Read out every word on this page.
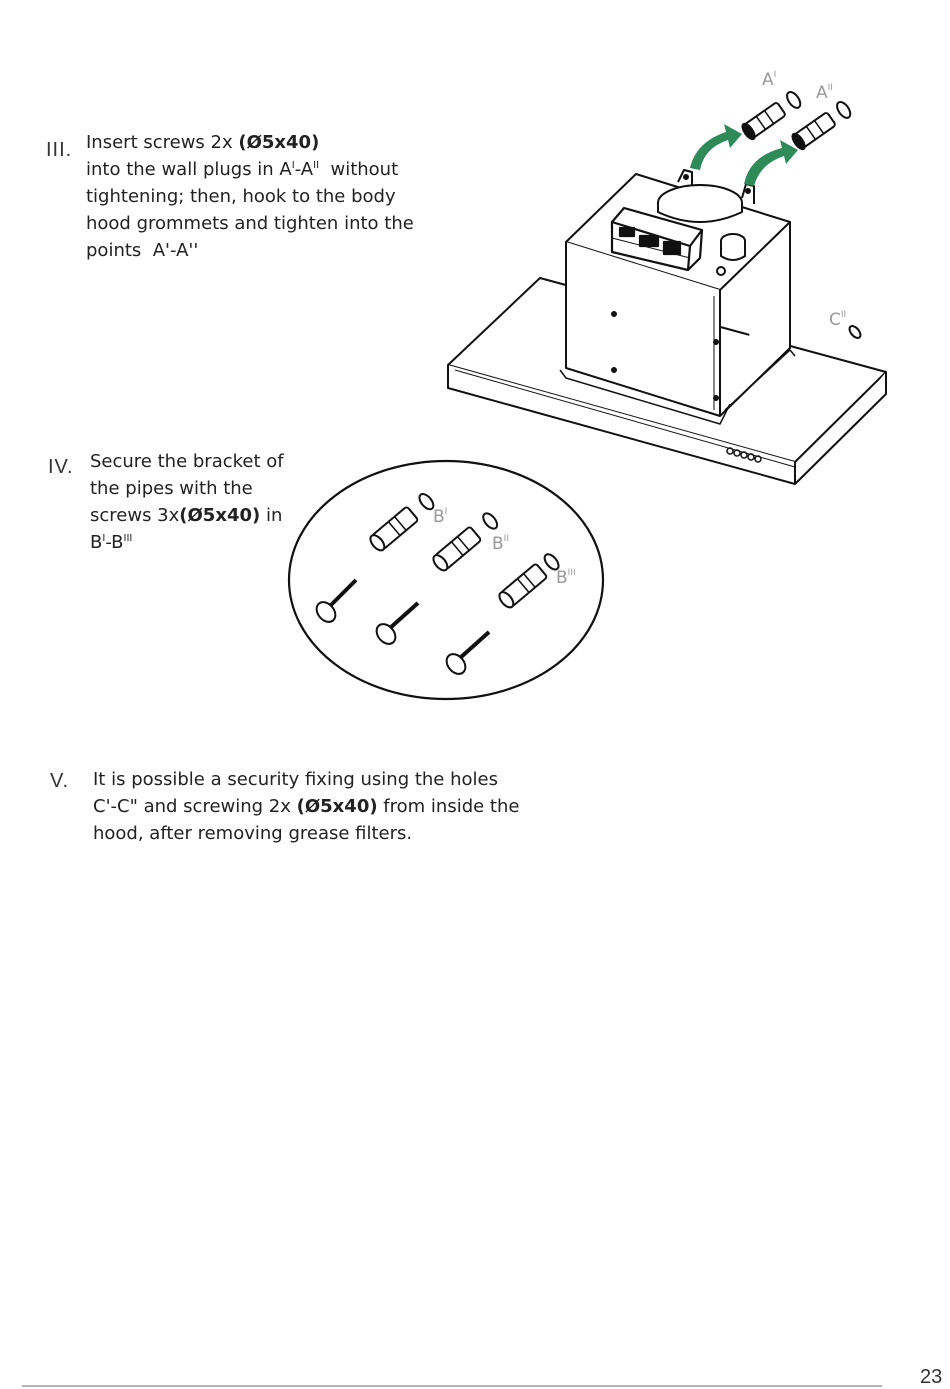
III. Insert screws 2x (Ø5x40)
into the wall plugs in $A^I-A^{II}$  without
tightening; then, hook to the body
hood grommets and tighten into the
points  A'-A''
IV. Secure the bracket of
the pipes with the
screws 3x(Ø5x40) in
$B^I-B^{III}$
V. It is possible a security fixing using the holes
C'-C" and screwing 2x (Ø5x40) from inside the
hood, after removing grease filters.
$A^I$
$A^{II}$
$C^{II}$
$B^I$
$B^{II}$
$B^{III}$
23
